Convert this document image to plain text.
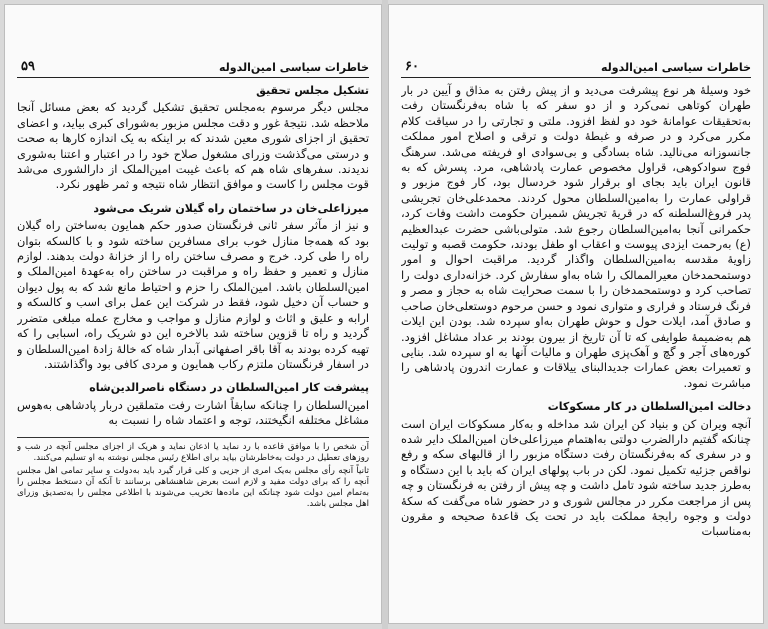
خاطرات سیاسی امین‌الدوله
۵۹
تشکیل مجلس تحقیق

مجلس دیگر مرسوم به‌مجلس تحقیق تشکیل گردید که بعض مسائل آنجا ملاحظه شد. نتیجهٔ غور و دقت مجلس مزبور به‌شورای کبری بیاید، و اعضای تحقیق از اجزای شوری معین شدند که بر اینکه به یک اندازه کارها به صحت و درستی می‌گذشت وزرای مشغول صلاح خود را در اعتبار و اعتنا به‌شوری ندیدند. سفرهای شاه هم که باعث غیبت امین‌الملک از دارالشوری می‌شد قوت مجلس را کاست و موافق انتظار شاه نتیجه و ثمر ظهور نکرد.

میرزاعلی‌خان در ساختمان راه گیلان شریک می‌شود

و نیز از مآثر سفر ثانی فرنگستان صدور حکم همایون به‌ساختن راه گیلان بود که همه‌جا منازل خوب برای مسافرین ساخته شود و با کالسکه بتوان راه را طی کرد. خرج و مصرف ساختن راه را از خزانهٔ دولت بدهند. لوازم منازل و تعمیر و حفظ راه و مراقبت در ساختن راه به‌عهدهٔ امین‌الملک و امین‌السلطان باشد. امین‌الملک را حزم و احتیاط مانع شد که به پول دیوان و حساب آن دخیل شود، فقط در شرکت این عمل برای اسب و کالسکه و ارابه و علیق و اثاث و لوازم منازل و مواجب و مخارج عمله مبلغی متضرر گردید و راه تا قزوین ساخته شد بالاخره این دو شریک راه، اسبابی را که تهیه کرده بودند به آقا باقر اصفهانی آبدار شاه که خالهٔ زادهٔ امین‌السلطان و در اسفار فرنگستان ملتزم رکاب همایون و مردی کافی بود واگذاشتند.

پیشرفت کار امین‌السلطان در دستگاه ناصرالدین‌شاه

امین‌السلطان را چنانکه سابقاً اشارت رفت متملقین دربار پادشاهی به‌هوس مشاغل مختلفه انگیختند، توجه و اعتماد شاه را نسبت به

آن شخص را با موافق قاعده با رد نماید یا اذعان نماید و هریک از اجزای مجلس آنچه در شب و روزهای تعطیل در دولت به‌خاطرشان بیاید برای اطلاع رئیس مجلس نوشته به او تسلیم می‌کنند.

ثانیاً آنچه رأی مجلس به‌یک امری از جزیی و کلی قرار گیرد باید به‌دولت و سایر تمامی اهل مجلس آنچه را که برای دولت مفید و لازم است بعرض شاهنشاهی برسانند تا آنکه آن دستخط مجلس را به‌تمام امین دولت شود چنانکه این ماده‌ها تخریب می‌شوند با اطلاعی مجلس را به‌تصدیق وزرای اهل مجلس باشد.

خاطرات سیاسی امین‌الدوله
۶۰

خود وسیلهٔ هر نوع پیشرفت می‌دید و از پیش رفتن به مذاق و آیین در بار طهران کوتاهی نمی‌کرد و از دو سفر که با شاه به‌فرنگستان رفت به‌تحقیقات عوامانهٔ خود دو لفظ افزود. ملتی و تجارتی را در سیاقت کلام مکرر می‌کرد و در صرفه و غبطهٔ دولت و ترقی و اصلاح امور مملکت جانسوزانه می‌نالید. شاه بسادگی و بی‌سوادی او فریفته می‌شد. سرهنگ فوج سوادکوهی، قراول مخصوص عمارت پادشاهی، مرد. پسرش که به قانون ایران باید بجای او برقرار شود خردسال بود، کار فوج مزبور و قراولی عمارت را به‌امین‌السلطان محول کردند. محمدعلی‌خان تجریشی پدر فروغ‌السلطنه که در قریهٔ تجریش شمیران حکومت داشت وفات کرد، حکمرانی آنجا به‌امین‌السلطان رجوع شد. متولی‌باشی حضرت عبدالعظیم (ع) به‌رحمت ایزدی پیوست و اعقاب او طفل بودند، حکومت قصبه و تولیت زاویهٔ مقدسه به‌امین‌السلطان واگذار گردید. مراقبت احوال و امور دوستمحمدخان معیرالممالک را شاه به‌او سفارش کرد. خزانه‌داری دولت را تصاحب کرد و دوستمحمدخان را با سمت صحرایت شاه به حجاز و مصر و فرنگ فرستاد و فراری و متواری نمود و حسن مرحوم دوستعلی‌خان صاحب و صادق آمد، ایلات حول و حوش طهران به‌او سپرده شد. بودن این ایلات هم به‌ضمیمهٔ طوایفی که تا آن تاریخ از بیرون بودند بر عداد مشاغل افزود. کوره‌های آجر و گچ و آهک‌پزی طهران و مالیات آنها به او سپرده شد. بنایی و تعمیرات بعض عمارات جدیدالبنای ییلاقات و عمارت اندرون پادشاهی را مباشرت نمود.

دخالت امین‌السلطان در کار مسکوکات

آنچه ویران کن و بنیاد کن ایران شد مداخله و به‌کار مسکوکات ایران است چنانکه گفتیم دارالضرب دولتی به‌اهتمام میرزاعلی‌خان امین‌الملک دایر شده و در سفری که به‌فرنگستان رفت دستگاه مزبور را از قالبهای سکه و رفع نواقص جزئیه تکمیل نمود. لکن در باب پولهای ایران که باید با این دستگاه و به‌طرز جدید ساخته شود تامل داشت و چه پیش از رفتن به فرنگستان و چه پس از مراجعت مکرر در مجالس شوری و در حضور شاه می‌گفت که سکهٔ دولت و وجوه رایجهٔ مملکت باید در تحت یک قاعدهٔ صحیحه و مقرون به‌مناسبات
